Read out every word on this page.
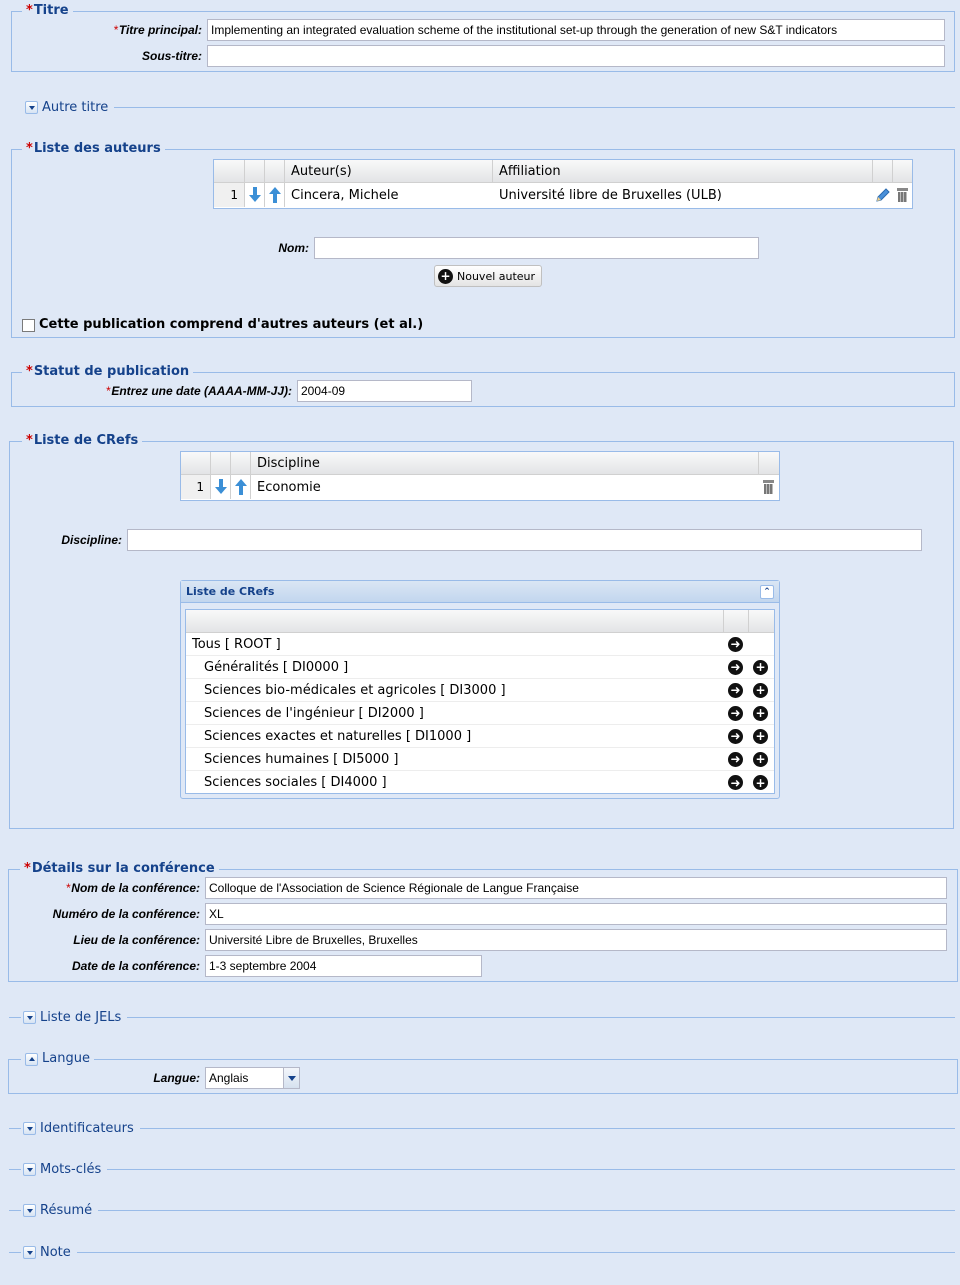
*Titre
*Titre principal: Implementing an integrated evaluation scheme of the institutional set-up through the generation of new S&T indicators
Sous-titre:
Autre titre
*Liste des auteurs
Auteur(s)	Affiliation
1	Cincera, Michele	Université libre de Bruxelles (ULB)
Nom:
+ Nouvel auteur
Cette publication comprend d'autres auteurs (et al.)
*Statut de publication
*Entrez une date (AAAA-MM-JJ): 2004-09
*Liste de CRefs
Discipline
1	Economie
Discipline:
Liste de CRefs	⌃
Tous [ ROOT ]	➜
Généralités [ DI0000 ]	➜ +
Sciences bio-médicales et agricoles [ DI3000 ]	➜ +
Sciences de l'ingénieur [ DI2000 ]	➜ +
Sciences exactes et naturelles [ DI1000 ]	➜ +
Sciences humaines [ DI5000 ]	➜ +
Sciences sociales [ DI4000 ]	➜ +
*Détails sur la conférence
*Nom de la conférence: Colloque de l'Association de Science Régionale de Langue Française
Numéro de la conférence: XL
Lieu de la conférence: Université Libre de Bruxelles, Bruxelles
Date de la conférence: 1-3 septembre 2004
Liste de JELs
Langue
Langue: Anglais
Identificateurs
Mots-clés
Résumé
Note
